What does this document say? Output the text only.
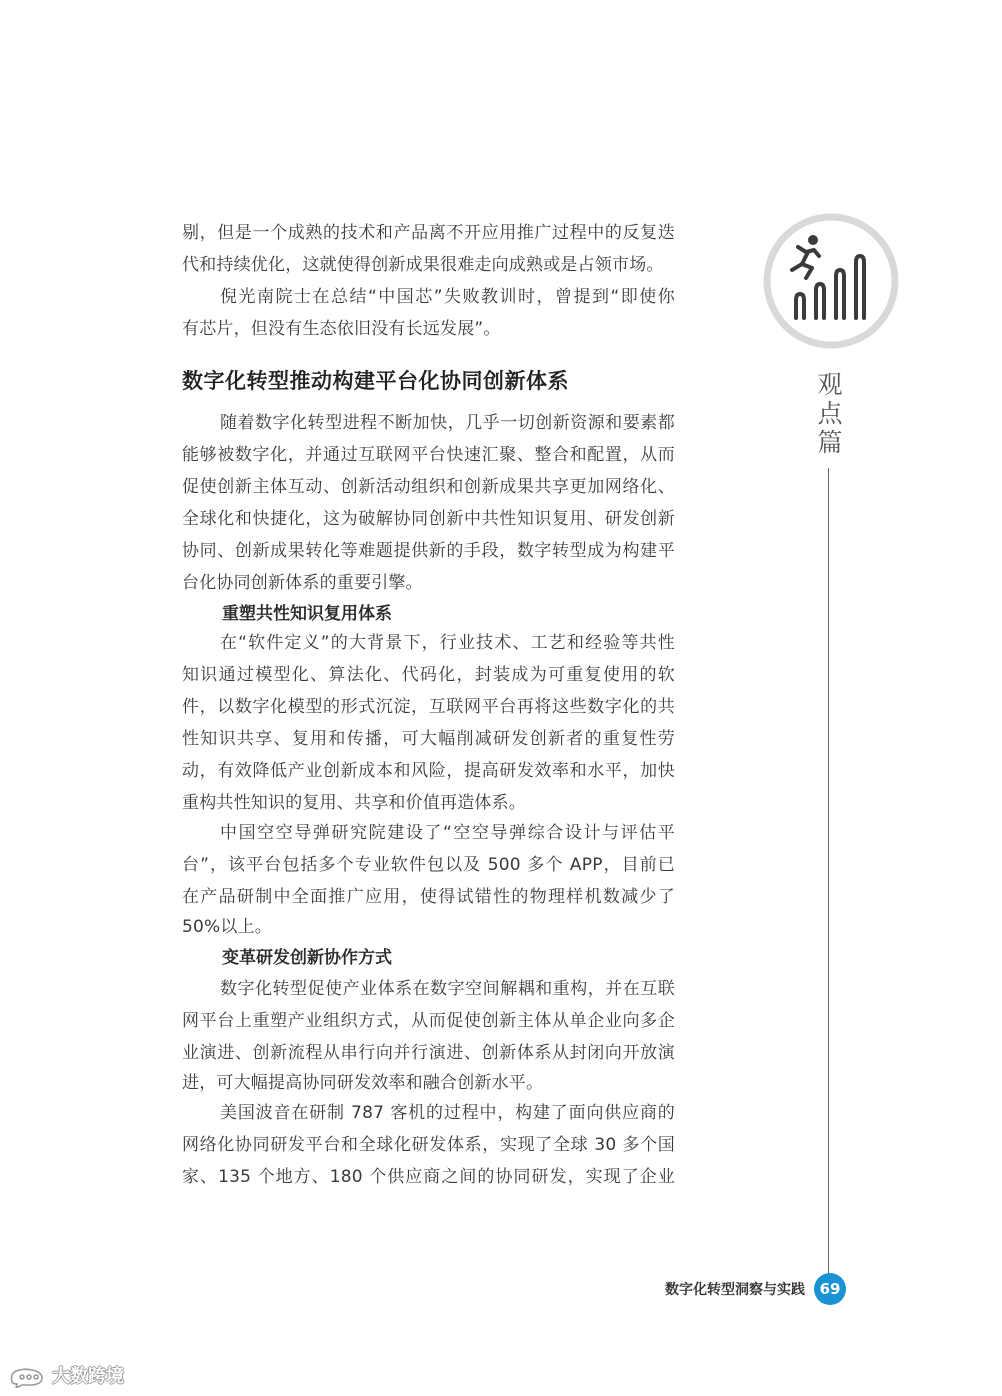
剔，但是一个成熟的技术和产品离不开应用推广过程中的反复迭
代和持续优化，这就使得创新成果很难走向成熟或是占领市场。
倪光南院士在总结“中国芯”失败教训时，曾提到“即使你
有芯片，但没有生态依旧没有长远发展”。
数字化转型推动构建平台化协同创新体系
随着数字化转型进程不断加快，几乎一切创新资源和要素都
能够被数字化，并通过互联网平台快速汇聚、整合和配置，从而
促使创新主体互动、创新活动组织和创新成果共享更加网络化、
全球化和快捷化，这为破解协同创新中共性知识复用、研发创新
协同、创新成果转化等难题提供新的手段，数字转型成为构建平
台化协同创新体系的重要引擎。
重塑共性知识复用体系
在“软件定义”的大背景下，行业技术、工艺和经验等共性
知识通过模型化、算法化、代码化，封装成为可重复使用的软
件，以数字化模型的形式沉淀，互联网平台再将这些数字化的共
性知识共享、复用和传播，可大幅削减研发创新者的重复性劳
动，有效降低产业创新成本和风险，提高研发效率和水平，加快
重构共性知识的复用、共享和价值再造体系。
中国空空导弹研究院建设了“空空导弹综合设计与评估平
台”，该平台包括多个专业软件包以及 500 多个 APP，目前已
在产品研制中全面推广应用，使得试错性的物理样机数减少了
50%以上。
变革研发创新协作方式
数字化转型促使产业体系在数字空间解耦和重构，并在互联
网平台上重塑产业组织方式，从而促使创新主体从单企业向多企
业演进、创新流程从串行向并行演进、创新体系从封闭向开放演
进，可大幅提高协同研发效率和融合创新水平。
美国波音在研制 787 客机的过程中，构建了面向供应商的
网络化协同研发平台和全球化研发体系，实现了全球 30 多个国
家、135 个地方、180 个供应商之间的协同研发，实现了企业
观点篇
数字化转型洞察与实践 69
大数跨境
